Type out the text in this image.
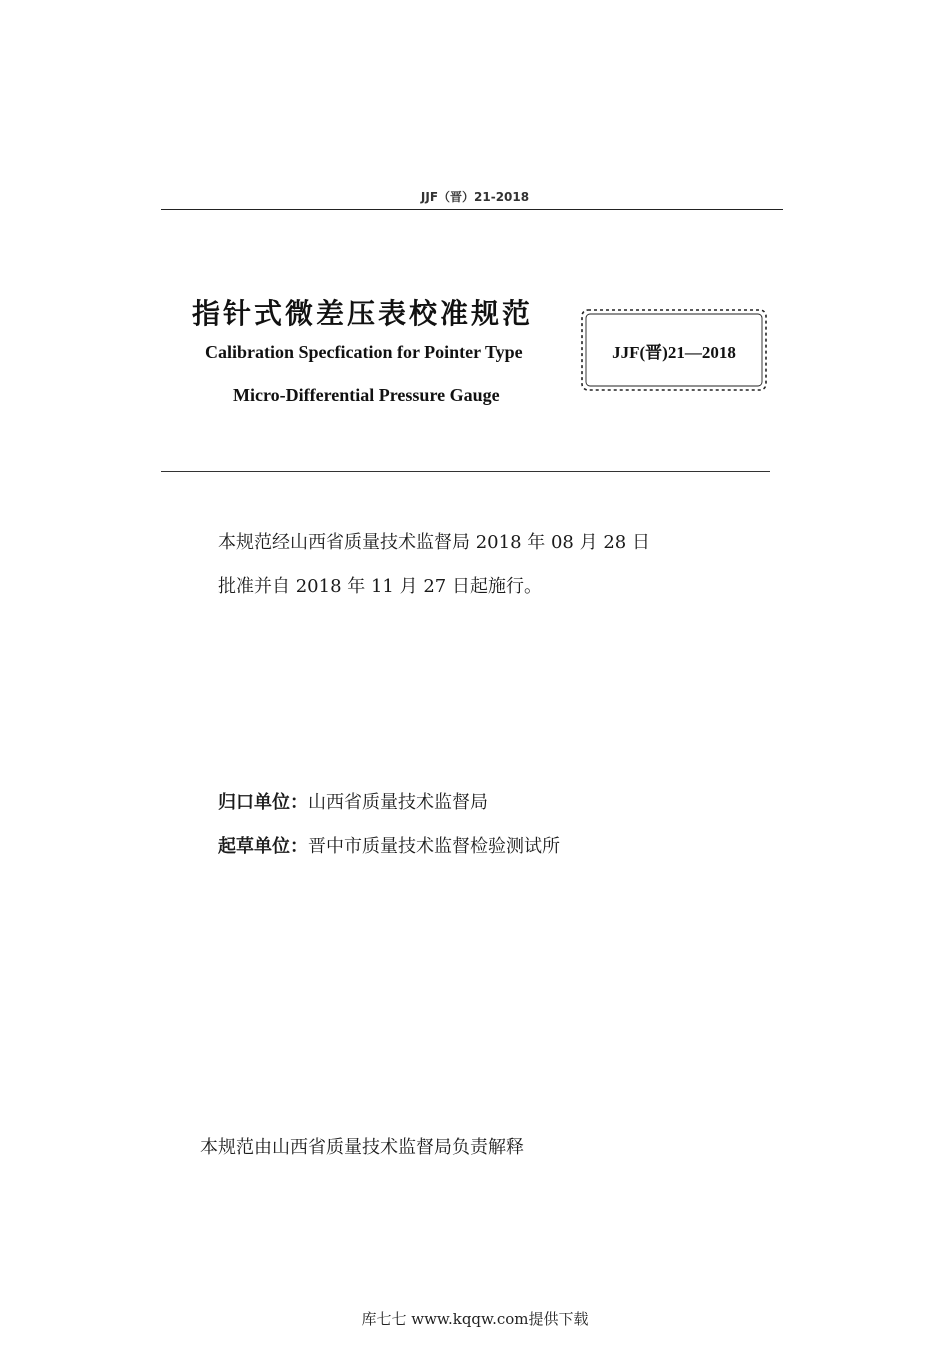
JJF（晋）21-2018
指针式微差压表校准规范
Calibration Specfication for Pointer Type
Micro-Differential Pressure Gauge
JJF(晋)21—2018
本规范经山西省质量技术监督局 2018 年 08 月 28 日
批准并自 2018 年 11 月 27 日起施行。
归口单位：山西省质量技术监督局
起草单位：晋中市质量技术监督检验测试所
本规范由山西省质量技术监督局负责解释
库七七 www.kqqw.com提供下载
